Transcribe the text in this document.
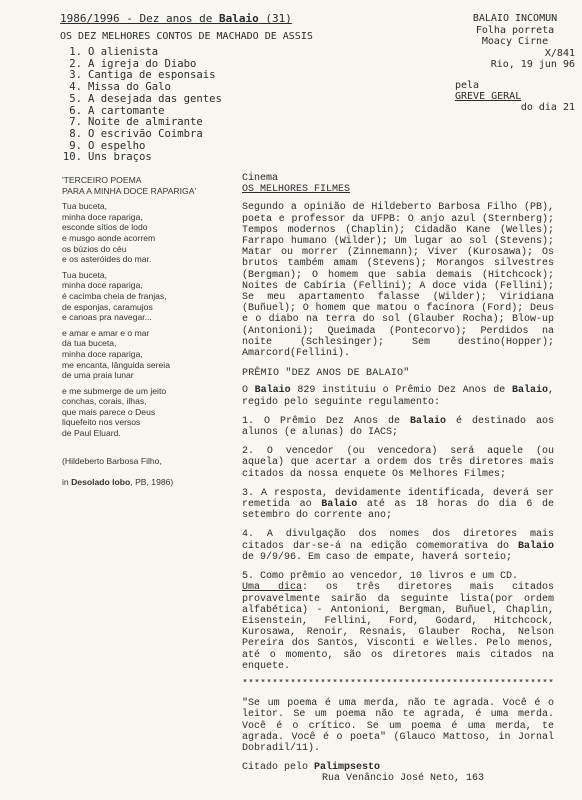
1986/1996 - Dez anos de Balaio (31)
OS DEZ MELHORES CONTOS DE MACHADO DE ASSIS
1. O alienista
2. A igreja do Diabo
3. Cantiga de esponsais
4. Missa do Galo
5. A desejada das gentes
6. A cartomante
7. Noite de almirante
8. O escrivão Coimbra
9. O espelho
10. Uns braços
BALAIO INCOMUN
Folha porreta
Moacy Cirne
X/841
Rio, 19 jun 96
pela
GREVE GERAL
do dia 21
'TERCEIRO POEMA
PARA A MINHA DOCE RAPARIGA'
Tua buceta,
minha doce rapariga,
esconde sítios de lodo
e musgo aonde acorrem
os búzios do céu
e os asteróides do mar.
Tua buceta,
minha doce rapariga,
é cacimba cheia de franjas,
de esponjas, caramujos
e canoas pra navegar...
e amar e amar e o mar
da tua buceta,
minha doce rapariga,
me encanta, lânguida sereia
de uma praia lunar
e me submerge de um jeito
conchas, corais, ilhas,
que mais parece o Deus
liquefeito nos versos
de Paul Eluard.

(Hildeberto Barbosa Filho,

in Desolado lobo, PB, 1986)

Cinema
OS MELHORES FILMES

Segundo a opinião de Hildeberto Barbosa Filho (PB), poeta e professor da UFPB: O anjo azul (Sternberg); Tempos modernos (Chaplin); Cidadão Kane (Welles); Farrapo humano (Wilder); Um lugar ao sol (Stevens); Matar ou morrer (Zinnemann); Viver (Kurosawa); Os brutos também amam (Stevens); Morangos silvestres (Bergman); O homem que sabia demais (Hitchcock); Noites de Cabíria (Fellini); A doce vida (Fellini); Se meu apartamento falasse (Wilder); Viridiana (Buñuel); O homem que matou o facínora (Ford); Deus e o diabo na terra do sol (Glauber Rocha); Blow-up (Antonioni); Queimada (Pontecorvo); Perdidos na noite (Schlesinger); Sem destino(Hopper); Amarcord(Fellini).

PRÊMIO "DEZ ANOS DE BALAIO"

O Balaio 829 instituiu o Prêmio Dez Anos de Balaio, regido pelo seguinte regulamento:

1. O Prêmio Dez Anos de Balaio é destinado aos alunos (e alunas) do IACS;

2. O vencedor (ou vencedora) será aquele (ou aquela) que acertar a ordem dos três diretores mais citados da nossa enquete Os Melhores Filmes;

3. A resposta, devidamente identificada, deverá ser remetida ao Balaio até as 18 horas do dia 6 de setembro do corrente ano;

4. A divulgação dos nomes dos diretores mais citados dar-se-á na edição comemorativa do Balaio de 9/9/96. Em caso de empate, haverá sorteio;

5. Como prêmio ao vencedor, 10 livros e um CD.

Uma dica: os três diretores mais citados provavelmente sairão da seguinte lista(por ordem alfabética) - Antonioni, Bergman, Buñuel, Chaplin, Eisenstein, Fellini, Ford, Godard, Hitchcock, Kurosawa, Renoir, Resnais, Glauber Rocha, Nelson Pereira dos Santos, Visconti e Welles. Pelo menos, até o momento, são os diretores mais citados na enquete.

****************************************************

"Se um poema é uma merda, não te agrada. Você é o leitor. Se um poema não te agrada, é uma merda. Você é o crítico. Se um poema é uma merda, te agrada. Você é o poeta" (Glauco Mattoso, in Jornal Dobradil/11).

Citado pelo Palimpsesto

Rua Venâncio José Neto, 163
